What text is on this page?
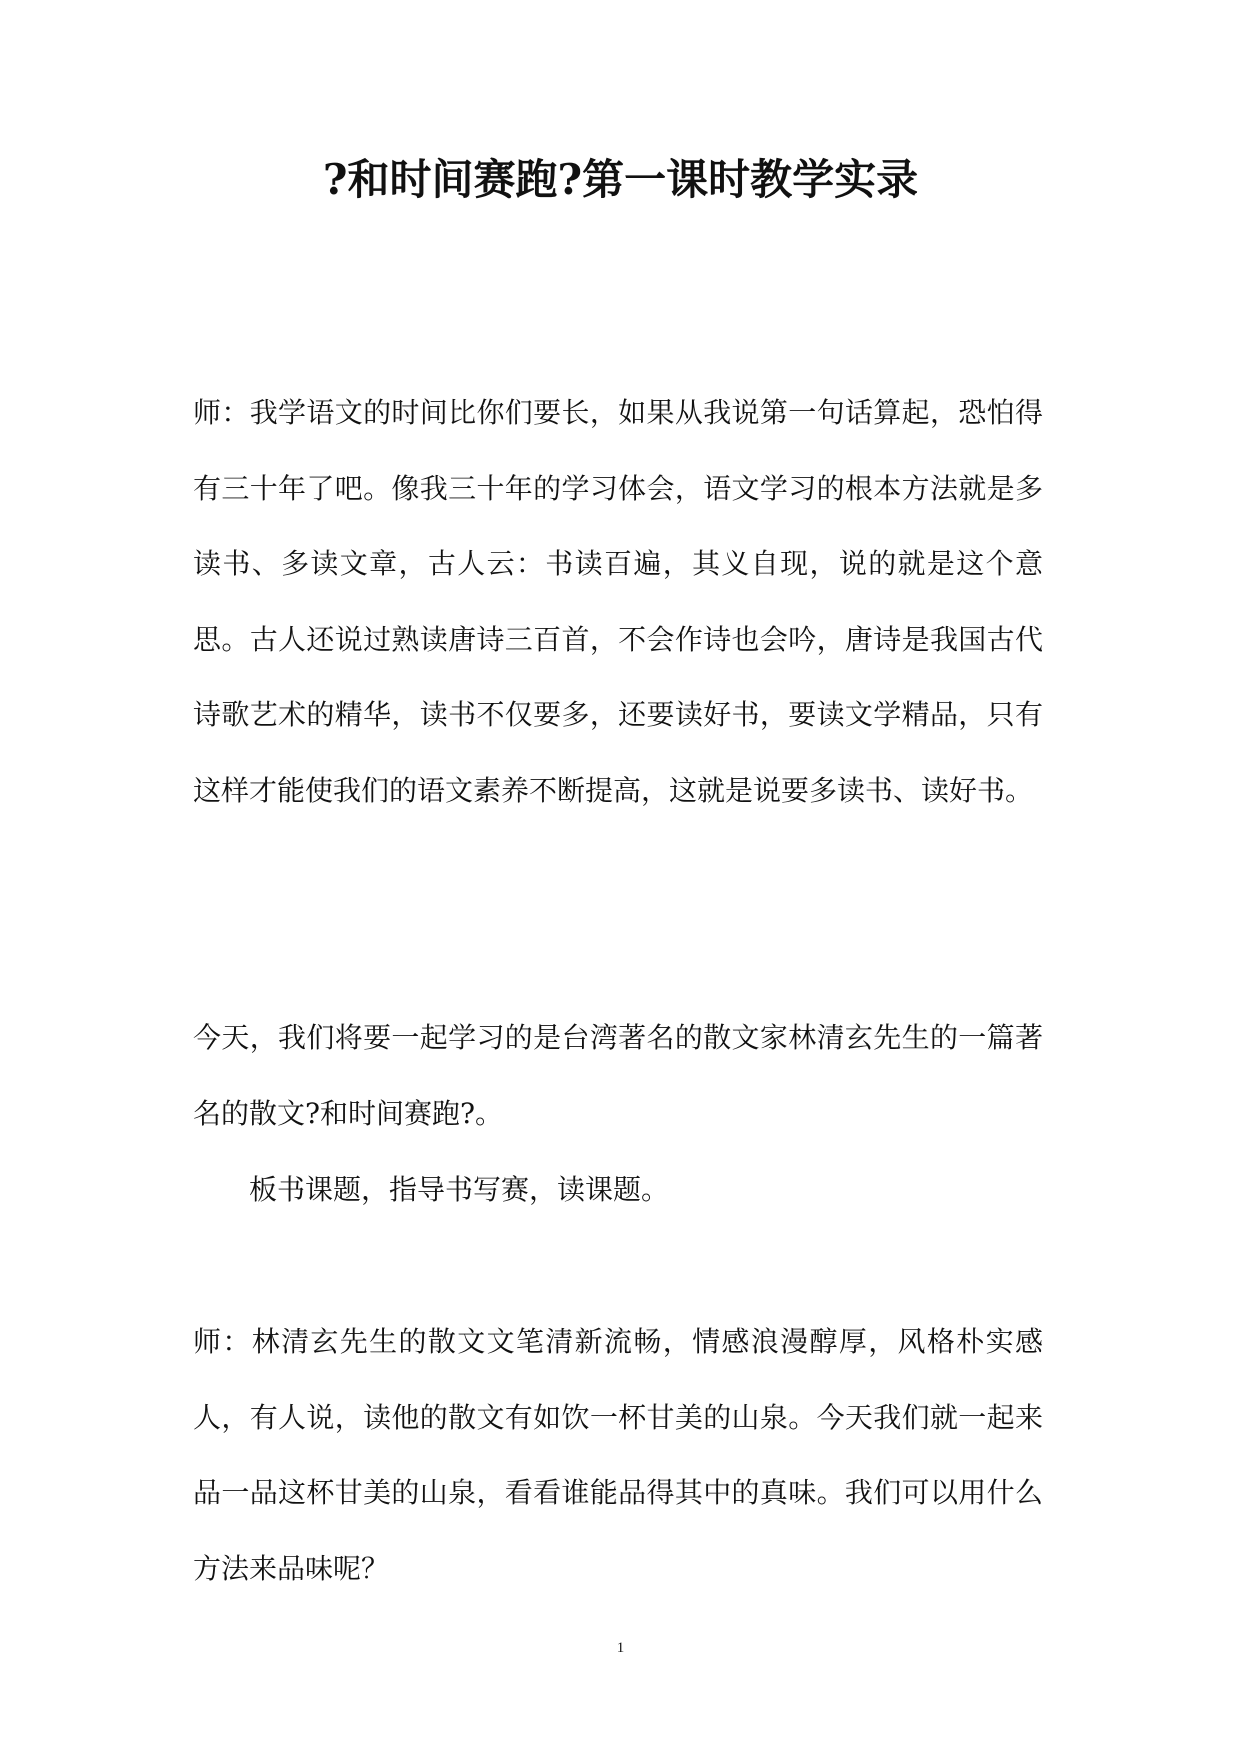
?和时间赛跑?第一课时教学实录

师：我学语文的时间比你们要长，如果从我说第一句话算起，恐怕得有三十年了吧。像我三十年的学习体会，语文学习的根本方法就是多读书、多读文章，古人云：书读百遍，其义自现，说的就是这个意思。古人还说过熟读唐诗三百首，不会作诗也会吟，唐诗是我国古代诗歌艺术的精华，读书不仅要多，还要读好书，要读文学精品，只有这样才能使我们的语文素养不断提高，这就是说要多读书、读好书。

今天，我们将要一起学习的是台湾著名的散文家林清玄先生的一篇著名的散文?和时间赛跑?。

板书课题，指导书写赛，读课题。

师：林清玄先生的散文文笔清新流畅，情感浪漫醇厚，风格朴实感人，有人说，读他的散文有如饮一杯甘美的山泉。今天我们就一起来品一品这杯甘美的山泉，看看谁能品得其中的真味。我们可以用什么方法来品味呢？

1
